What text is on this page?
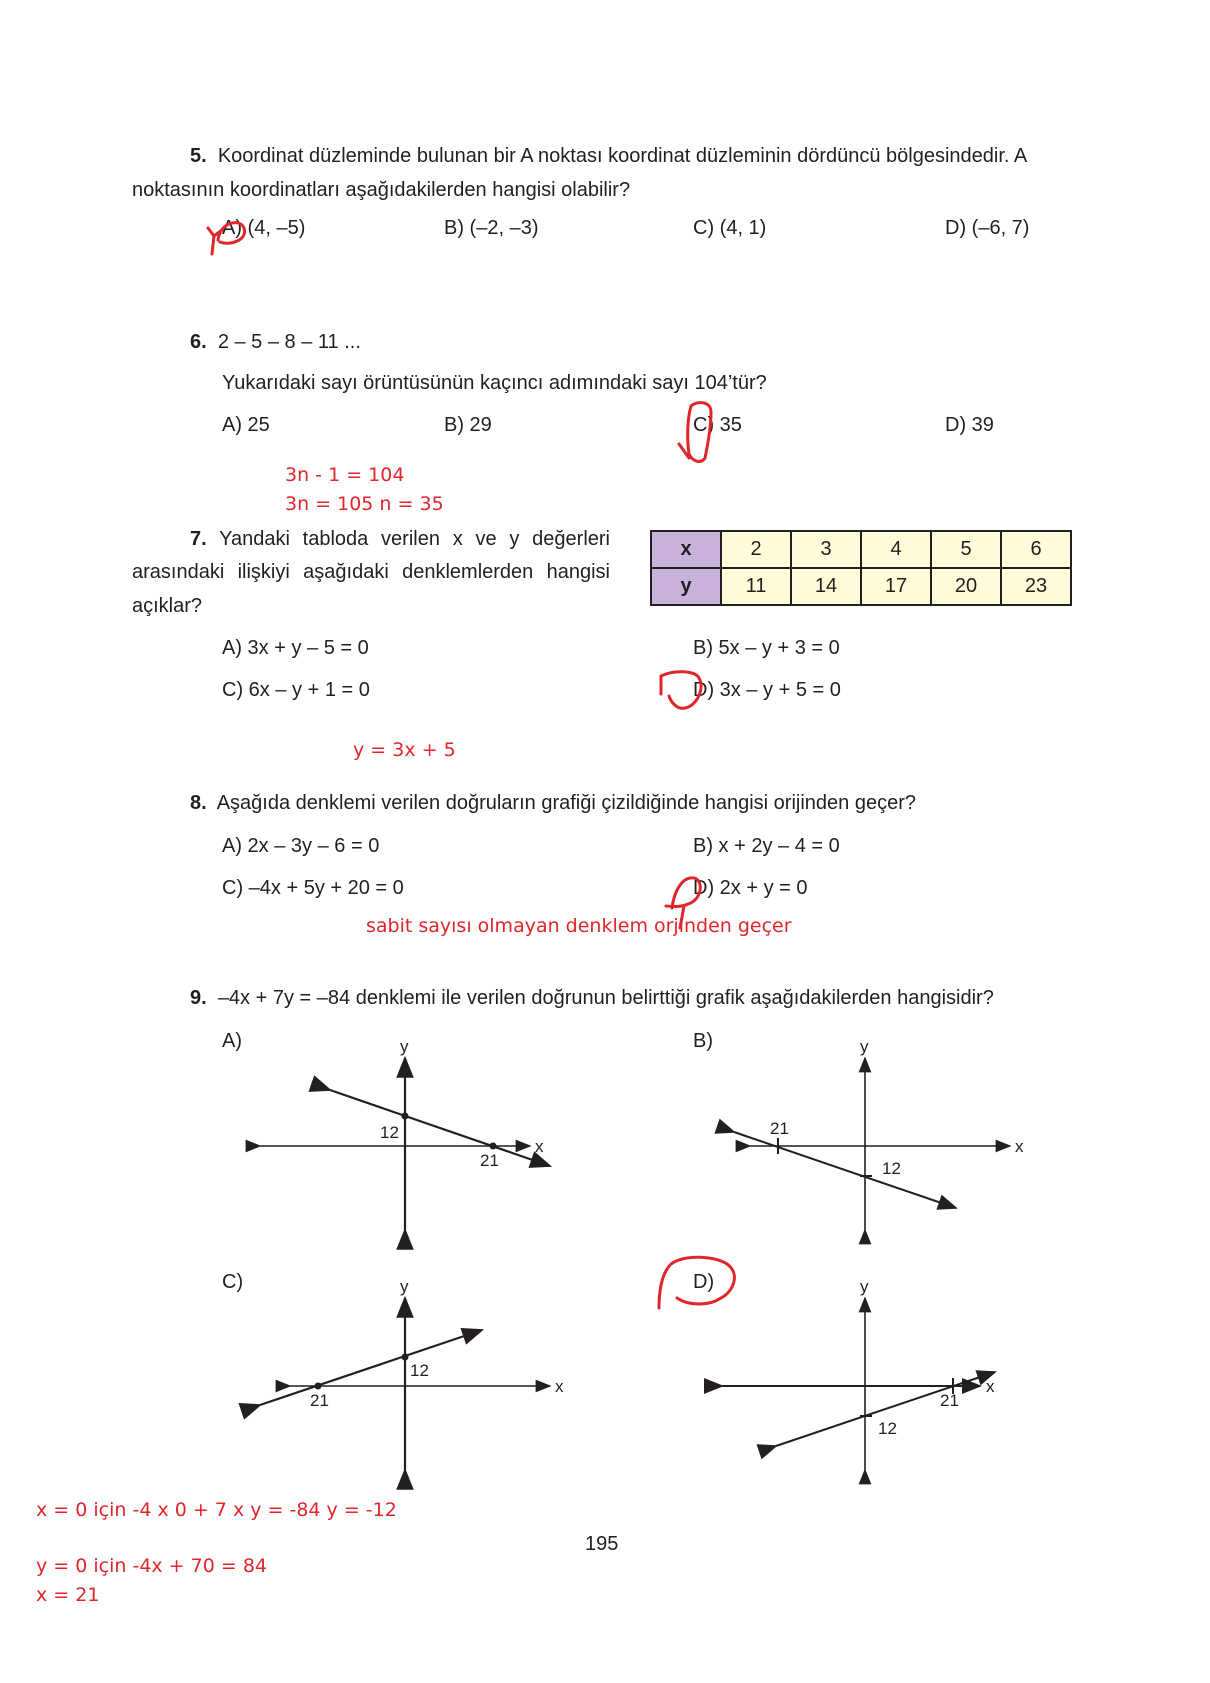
5. Koordinat düzleminde bulunan bir A noktası koordinat düzleminin dördüncü bölgesindedir. A
noktasının koordinatları aşağıdakilerden hangisi olabilir?
A) (4, –5)	B) (–2, –3)	C) (4, 1)	D) (–6, 7)
6. 2 – 5 – 8 – 11 ...
Yukarıdaki sayı örüntüsünün kaçıncı adımındaki sayı 104’tür?
A) 25	B) 29	C) 35	D) 39
3n - 1 = 104
3n = 105 n = 35
7. Yandaki tabloda verilen x ve y değerleri
arasındaki ilişkiyi aşağıdaki denklemlerden hangisi
açıklar?
x	2	3	4	5	6
y	11	14	17	20	23
A) 3x + y – 5 = 0	B) 5x – y + 3 = 0
C) 6x – y + 1 = 0	D) 3x – y + 5 = 0
y = 3x + 5
8. Aşağıda denklemi verilen doğruların grafiği çizildiğinde hangisi orijinden geçer?
A) 2x – 3y – 6 = 0	B) x + 2y – 4 = 0
C) –4x + 5y + 20 = 0	D) 2x + y = 0
sabit sayısı olmayan denklem orjinden geçer
9. –4x + 7y = –84 denklemi ile verilen doğrunun belirttiği grafik aşağıdakilerden hangisidir?
A)	B)
C)	D)
y
x
12
21
y
x
21
12
y
x
12
21
y
x
21
12
x = 0 için -4 x 0 + 7 x y = -84 y = -12
y = 0 için -4x + 70 = 84
x = 21
195
